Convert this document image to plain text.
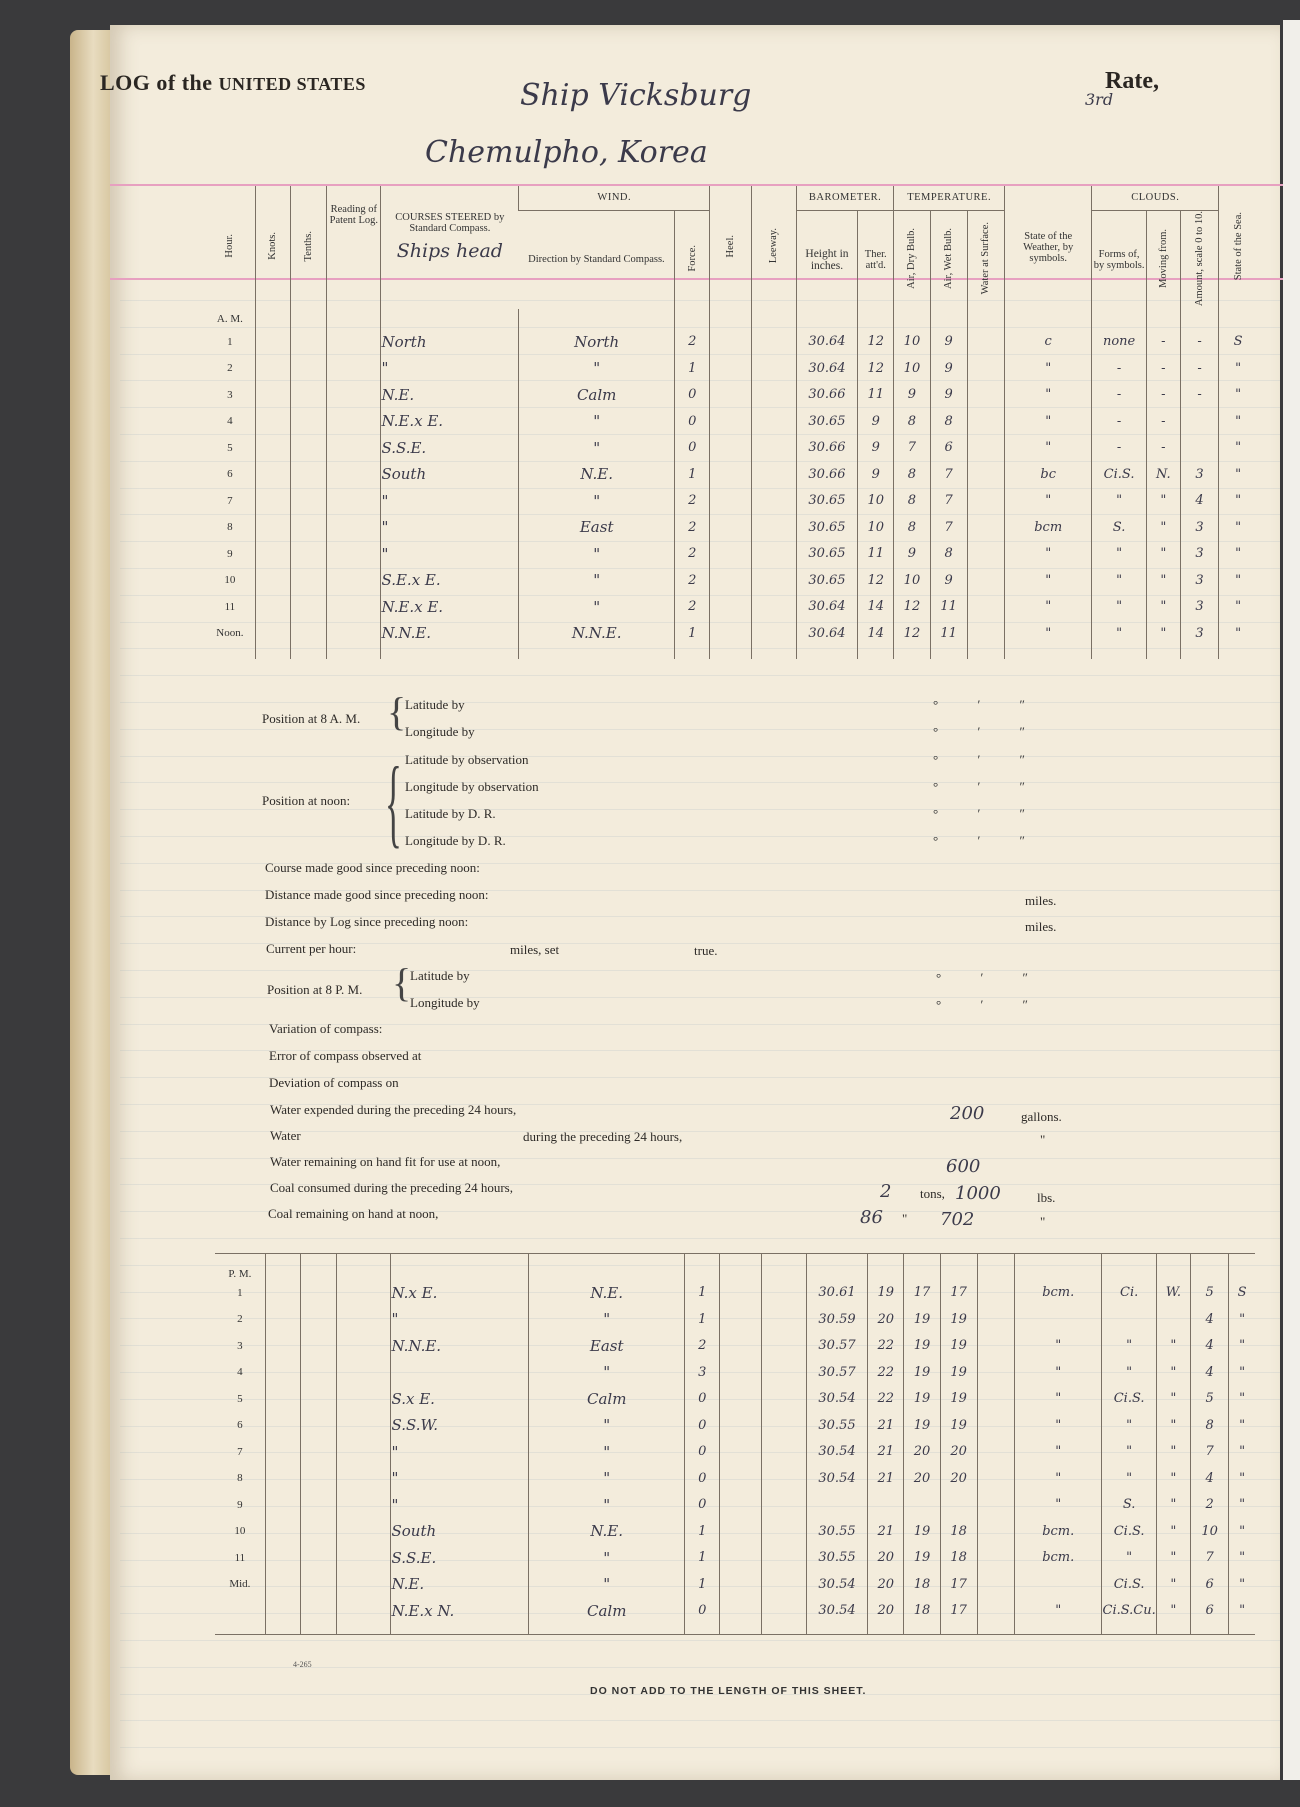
LOG of the UNITED STATES	Ship Vicksburg	3rd
Rate,
Chemulpho, Korea
Hour.	Knots.	Tenths.	Reading of Patent Log.	COURSES STEERED by Standard Compass.
Ships head	WIND.		Heel.	Leeway.	BAROMETER.		TEMPERATURE.			State of the Weather, by symbols.	CLOUDS.			State of the Sea.
					Direction by Standard Compass.	Force.			Height in inches.	Ther. att'd.	Air, Dry Bulb.	Air, Wet Bulb.	Water at Surface.		Forms of, by symbols.	Moving from.	Amount, scale 0 to 10.	
A. M.																		
1				North	North	2			30.64	12	10	9		c	none	-	-	S
2				"	"	1			30.64	12	10	9		"	-	-	-	"
3				N.E.	Calm	0			30.66	11	9	9		"	-	-	-	"
4				N.E.x E.	"	0			30.65	9	8	8		"	-	-		"
5				S.S.E.	"	0			30.66	9	7	6		"	-	-		"
6				South	N.E.	1			30.66	9	8	7		bc	Ci.S.	N.	3	"
7				"	"	2			30.65	10	8	7		"	"	"	4	"
8				"	East	2			30.65	10	8	7		bcm	S.	"	3	"
9				"	"	2			30.65	11	9	8		"	"	"	3	"
10				S.E.x E.	"	2			30.65	12	10	9		"	"	"	3	"
11				N.E.x E.	"	2			30.64	14	12	11		"	"	"	3	"
Noon.				N.N.E.	N.N.E.	1			30.64	14	12	11		"	"	"	3	"

Position at 8 A. M. {
Latitude by
Longitude by
° ′ ″
° ′ ″
Position at noon: { Latitude by observation
Longitude by observation
Latitude by D. R.
Longitude by D. R.
° ′ ″
° ′ ″
° ′ ″
° ′ ″
Course made good since preceding noon:
Distance made good since preceding noon:	miles.
Distance by Log since preceding noon:	miles.
Current per hour:	miles, set	true.
Position at 8 P. M. {
Latitude by
Longitude by
° ′ ″
° ′ ″
Variation of compass:
Error of compass observed at
Deviation of compass on
Water expended during the preceding 24 hours,	200	gallons.
Water	during the preceding 24 hours,	"
Water remaining on hand fit for use at noon,	600
Coal consumed during the preceding 24 hours,	2 tons, 1000	lbs.
Coal remaining on hand at noon,	86 " 702	"
P. M.																		
1				N.x E.	N.E.	1			30.61	19	17	17		bcm.	Ci.	W.	5	S
2				"	"	1			30.59	20	19	19					4	"
3				N.N.E.	East	2			30.57	22	19	19		"	"	"	4	"
4					"	3			30.57	22	19	19		"	"	"	4	"
5				S.x E.	Calm	0			30.54	22	19	19		"	Ci.S.	"	5	"
6				S.S.W.	"	0			30.55	21	19	19		"	"	"	8	"
7				"	"	0			30.54	21	20	20		"	"	"	7	"
8				"	"	0			30.54	21	20	20		"	"	"	4	"
9				"	"	0								"	S.	"	2	"
10				South	N.E.	1			30.55	21	19	18		bcm.	Ci.S.	"	10	"
11				S.S.E.	"	1			30.55	20	19	18		bcm.	"	"	7	"
Mid.				N.E.	"	1			30.54	20	18	17			Ci.S.	"	6	"
				N.E.x N.	Calm	0			30.54	20	18	17		"	Ci.S.Cu.	"	6	"

4-265
DO NOT ADD TO THE LENGTH OF THIS SHEET.
